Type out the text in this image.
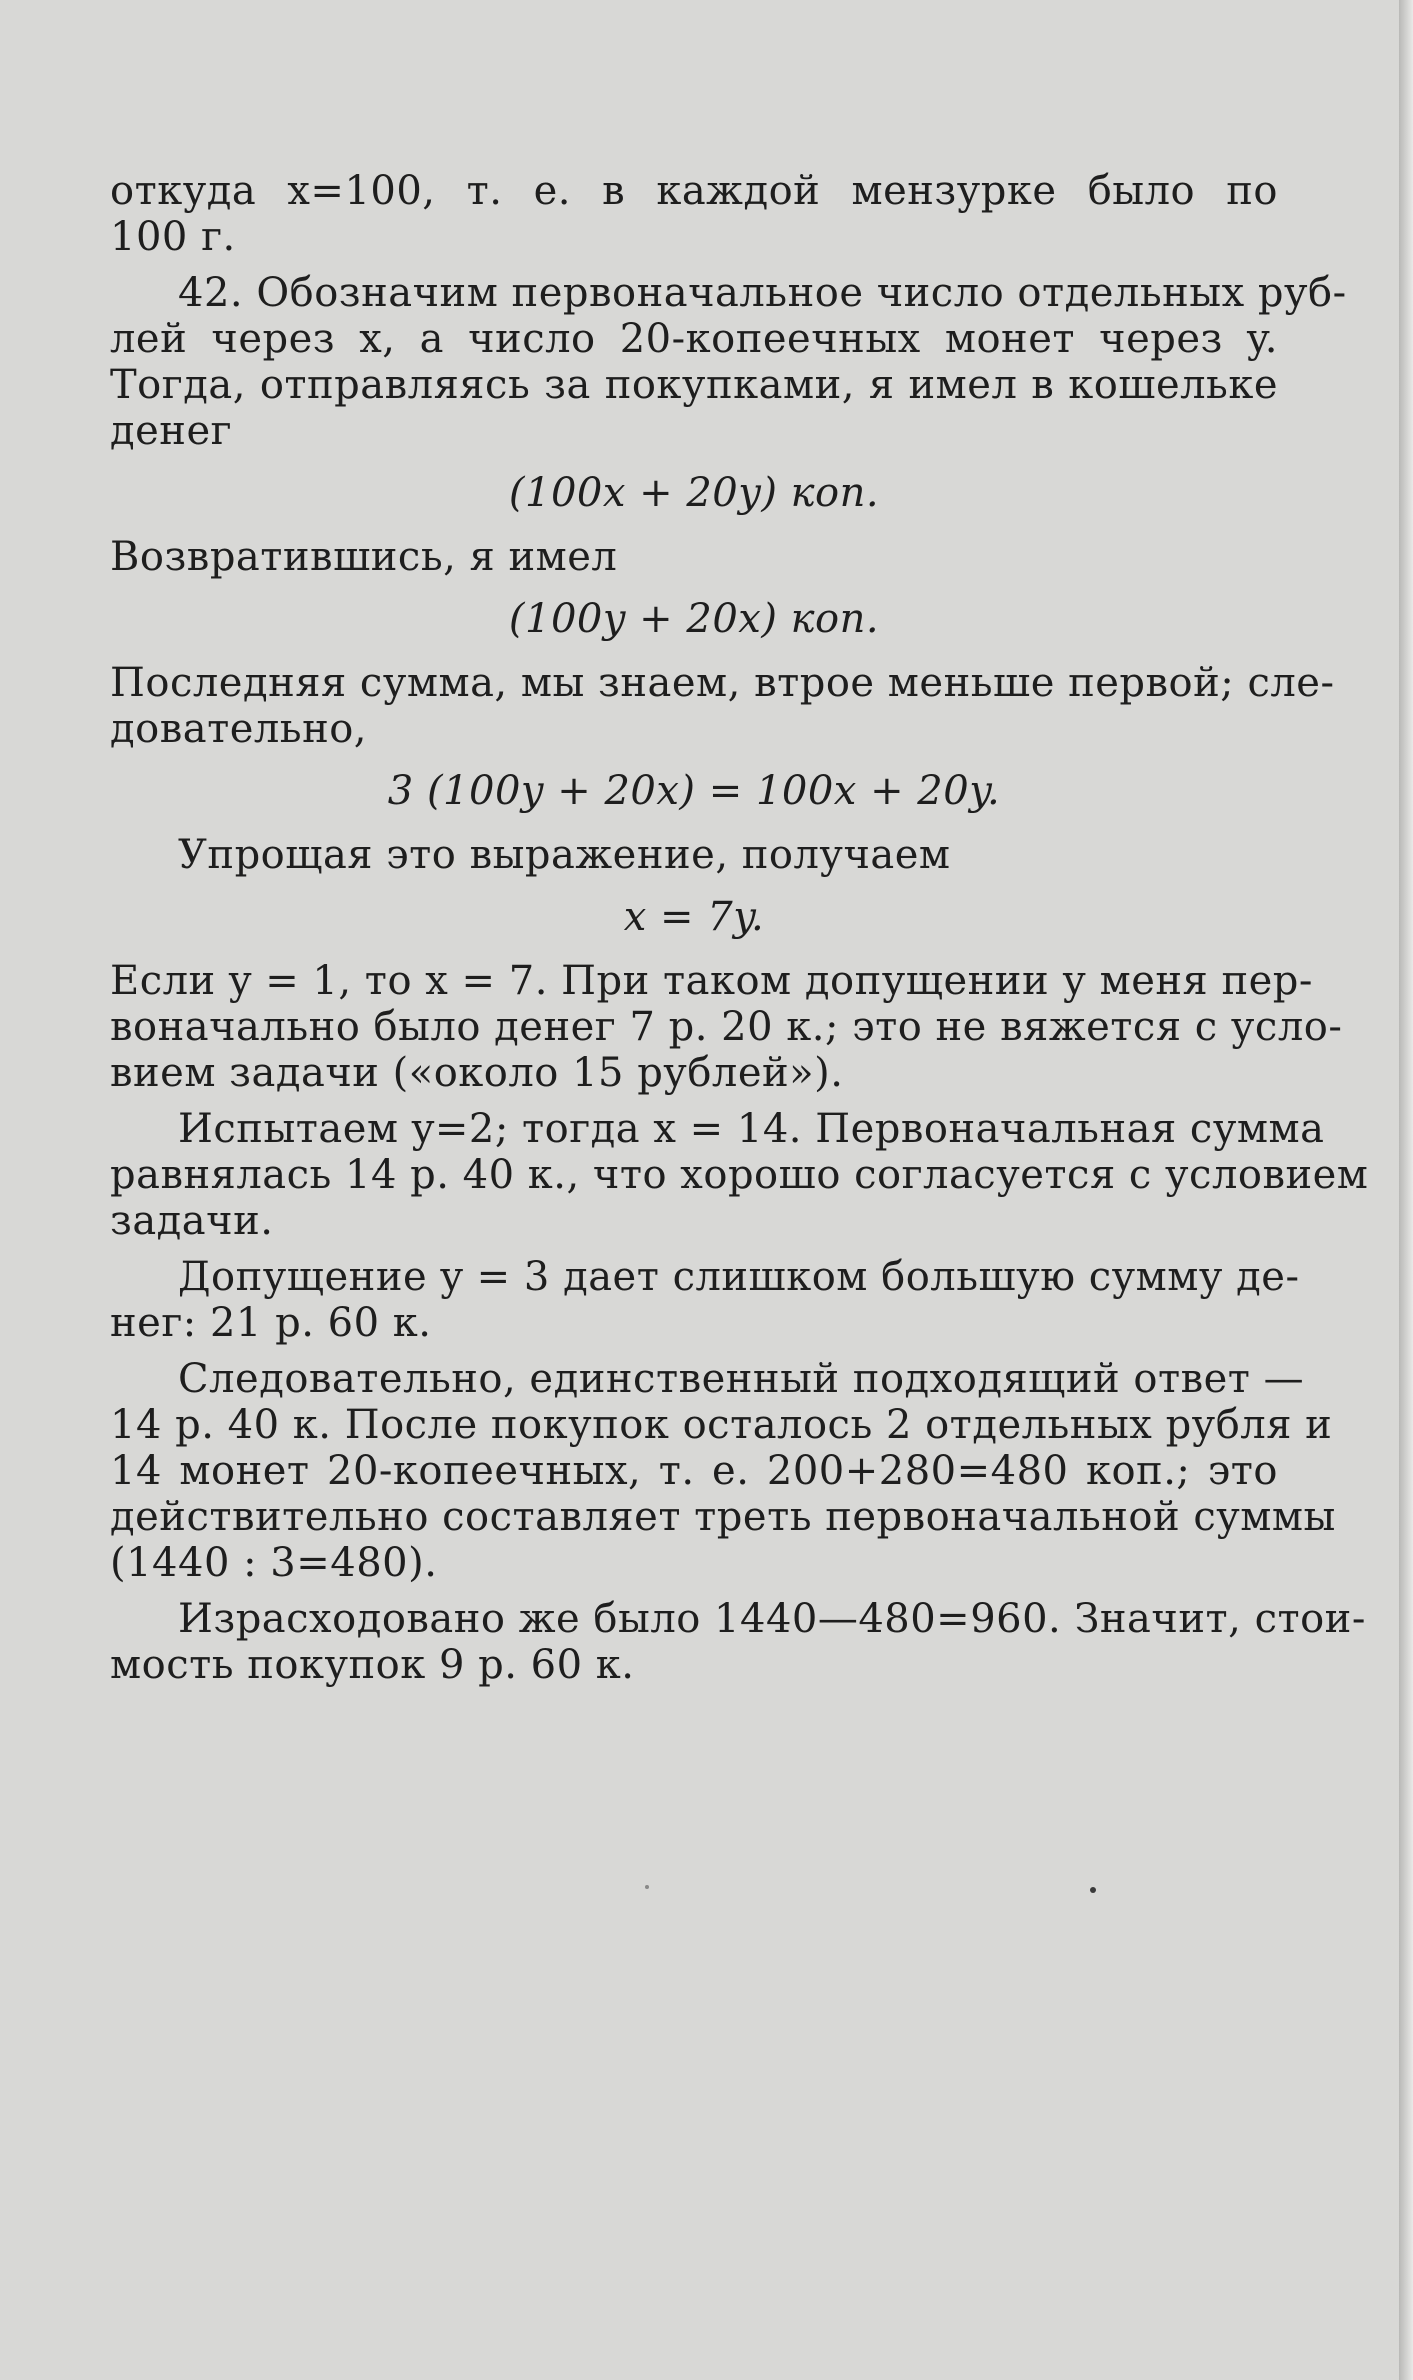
откуда x=100, т. е. в каждой мензурке было по
100 г.
42. Обозначим первоначальное число отдельных руб-
лей через x, а число 20-копеечных монет через y.
Тогда, отправляясь за покупками, я имел в кошельке
денег
(100x + 20y) коп.
Возвратившись, я имел
(100y + 20x) коп.
Последняя сумма, мы знаем, втрое меньше первой; сле-
довательно,
3 (100y + 20x) = 100x + 20y.
Упрощая это выражение, получаем
x = 7y.
Если y = 1, то x = 7. При таком допущении у меня пер-
воначально было денег 7 р. 20 к.; это не вяжется с усло-
вием задачи («около 15 рублей»).
Испытаем y=2; тогда x = 14. Первоначальная сумма
равнялась 14 р. 40 к., что хорошо согласуется с условием
задачи.
Допущение y = 3 дает слишком большую сумму де-
нег: 21 р. 60 к.
Следовательно, единственный подходящий ответ —
14 р. 40 к. После покупок осталось 2 отдельных рубля и
14 монет 20-копеечных, т. е. 200+280=480 коп.; это
действительно составляет треть первоначальной суммы
(1440 : 3=480).
Израсходовано же было 1440—480=960. Значит, стои-
мость покупок 9 р. 60 к.
